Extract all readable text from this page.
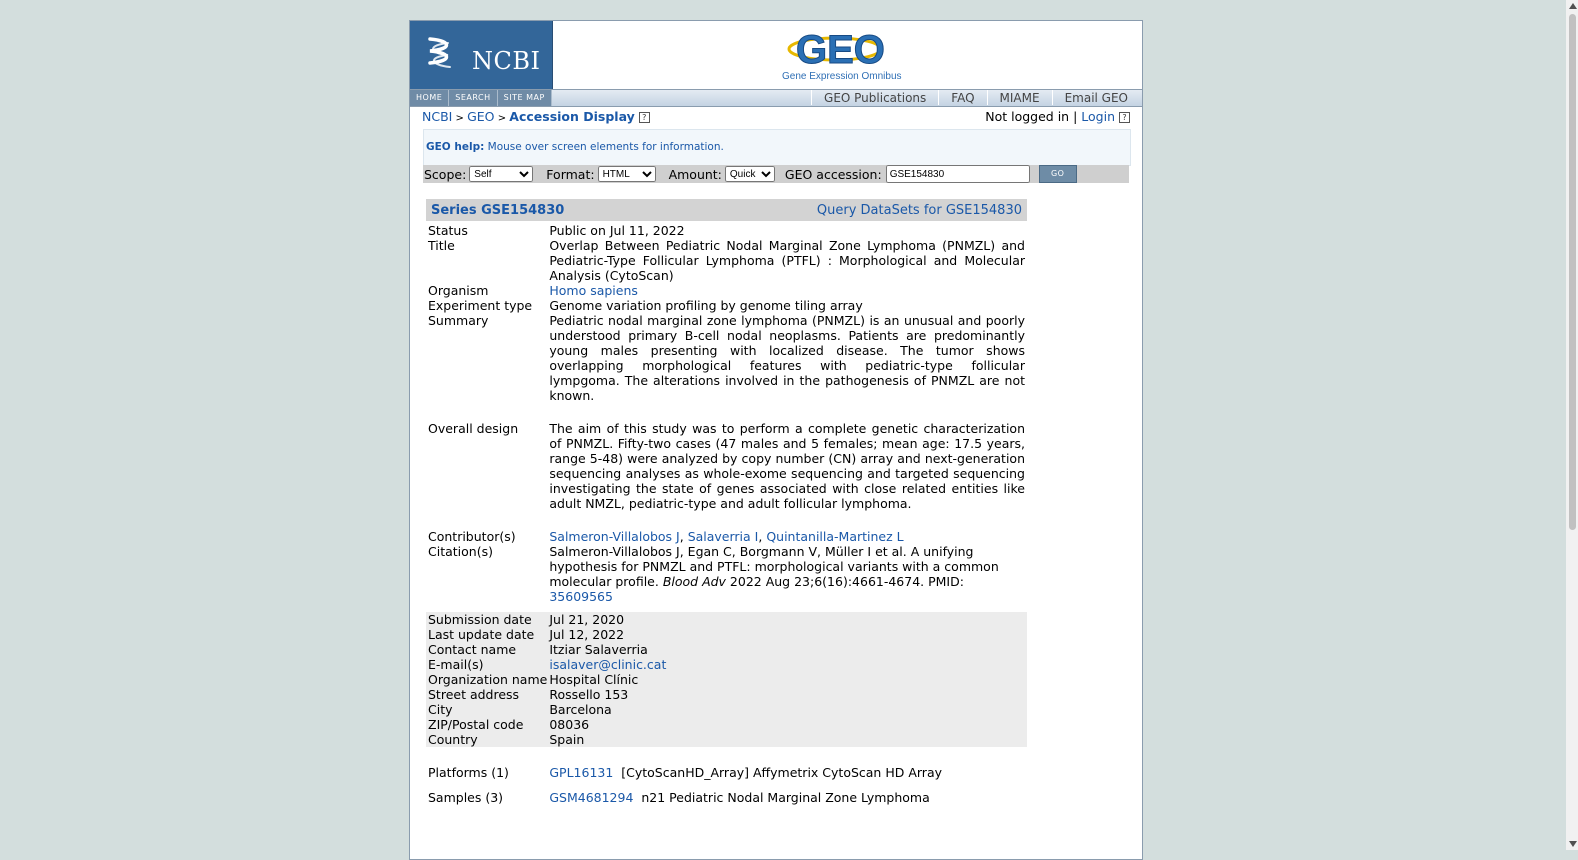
NCBI	GEO
Gene Expression Omnibus
HOME	SEARCH	SITE MAP	GEO Publications	FAQ	MIAME	Email GEO
NCBI > GEO > Accession Display ?	Not logged in | Login ?
GEO help: Mouse over screen elements for information.
Scope:
Self	Format:
HTML	Amount:
Quick	GEO accession:
GSE154830	GO
Series GSE154830	Query DataSets for GSE154830
Status	Public on Jul 11, 2022
Title	Overlap Between Pediatric Nodal Marginal Zone Lymphoma (PNMZL) and Pediatric-Type Follicular Lymphoma (PTFL) : Morphological and Molecular Analysis (CytoScan)
Organism	Homo sapiens
Experiment type	Genome variation profiling by genome tiling array
Summary	Pediatric nodal marginal zone lymphoma (PNMZL) is an unusual and poorly understood primary B-cell nodal neoplasms. Patients are predominantly young males presenting with localized disease. The tumor shows overlapping morphological features with pediatric-type follicular lympgoma. The alterations involved in the pathogenesis of PNMZL are not known.

Overall design	The aim of this study was to perform a complete genetic characterization of PNMZL. Fifty-two cases (47 males and 5 females; mean age: 17.5 years, range 5-48) were analyzed by copy number (CN) array and next-generation sequencing analyses as whole-exome sequencing and targeted sequencing investigating the state of genes associated with close related entities like adult NMZL, pediatric-type and adult follicular lymphoma.

Contributor(s)	Salmeron-Villalobos J, Salaverria I, Quintanilla-Martinez L
Citation(s)	Salmeron-Villalobos J, Egan C, Borgmann V, Müller I et al. A unifying hypothesis for PNMZL and PTFL: morphological variants with a common molecular profile. Blood Adv 2022 Aug 23;6(16):4661-4674. PMID: 35609565

Submission date	Jul 21, 2020
Last update date	Jul 12, 2022
Contact name	Itziar Salaverria
E-mail(s)	isalaver@clinic.cat
Organization name	Hospital Clínic
Street address	Rossello 153
City	Barcelona
ZIP/Postal code	08036
Country	Spain

Platforms (1)	GPL16131 [CytoScanHD_Array] Affymetrix CytoScan HD Array

Samples (3)	GSM4681294 n21 Pediatric Nodal Marginal Zone Lymphoma
